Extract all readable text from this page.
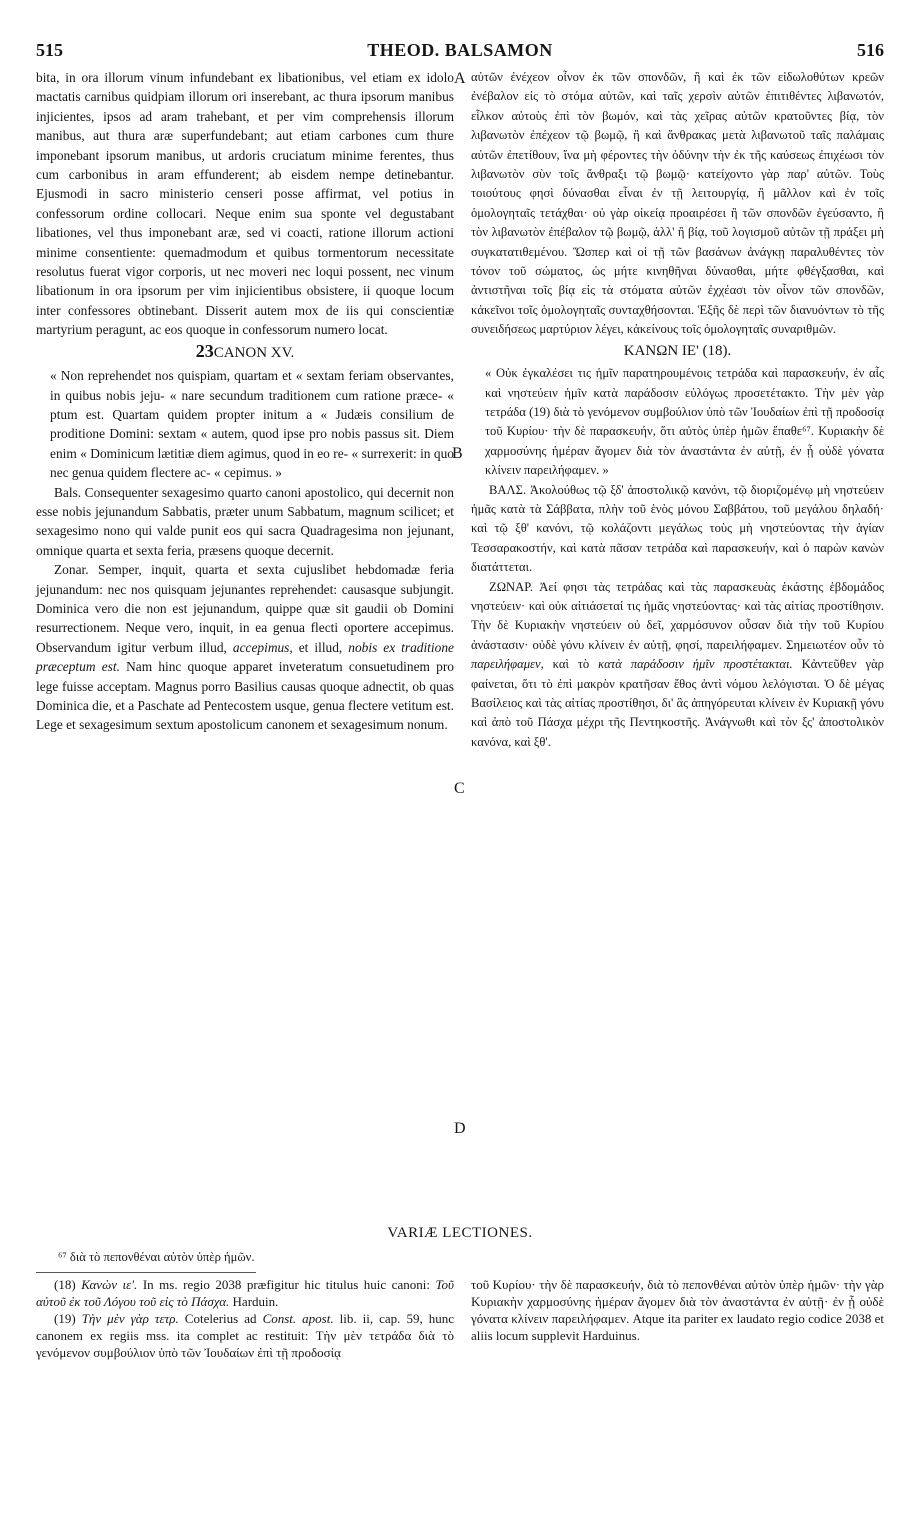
THEOD. BALSAMON
515	516
A
B
C
D

bita, in ora illorum vinum infundebant ex libationibus, vel etiam ex idolo mactatis carnibus quidpiam illorum ori inserebant, ac thura ipsorum manibus injicientes, ipsos ad aram trahebant, et per vim comprehensis illorum manibus, aut thura aræ superfundebant; aut etiam carbones cum thure imponebant ipsorum manibus, ut ardoris cruciatum minime ferentes, thus cum carbonibus in aram effunderent; ab eisdem nempe detinebantur. Ejusmodi in sacro ministerio censeri posse affirmat, vel potius in confessorum ordine collocari. Neque enim sua sponte vel degustabant libationes, vel thus imponebant aræ, sed vi coacti, ratione illorum actioni minime consentiente: quemadmodum et quibus tormentorum necessitate resolutus fuerat vigor corporis, ut nec moveri nec loqui possent, nec vinum libationum in ora ipsorum per vim injicientibus obsistere, ii quoque locum inter confessores obtinebant. Disserit autem mox de iis qui conscientiæ martyrium peragunt, ac eos quoque in confessorum numero locat.

23CANON XV.

« Non reprehendet nos quispiam, quartam et « sextam feriam observantes, in quibus nobis jeju- « nare secundum traditionem cum ratione præce- « ptum est. Quartam quidem propter initum a « Judæis consilium de proditione Domini: sextam « autem, quod ipse pro nobis passus sit. Diem enim « Dominicum lætitiæ diem agimus, quod in eo re- « surrexerit: in quo nec genua quidem flectere ac- « cepimus. »

Bals. Consequenter sexagesimo quarto canoni apostolico, qui decernit non esse nobis jejunandum Sabbatis, præter unum Sabbatum, magnum scilicet; et sexagesimo nono qui valde punit eos qui sacra Quadragesima non jejunant, omnique quarta et sexta feria, præsens quoque decernit.

Zonar. Semper, inquit, quarta et sexta cujuslibet hebdomadæ feria jejunandum: nec nos quisquam jejunantes reprehendet: causasque subjungit. Dominica vero die non est jejunandum, quippe quæ sit gaudii ob Domini resurrectionem. Neque vero, inquit, in ea genua flecti oportere accepimus. Observandum igitur verbum illud, accepimus, et illud, nobis ex traditione præceptum est. Nam hinc quoque apparet inveteratum consuetudinem pro lege fuisse acceptam. Magnus porro Basilius causas quoque adnectit, ob quas Dominica die, et a Paschate ad Pentecostem usque, genua flectere vetitum est. Lege et sexagesimum sextum apostolicum canonem et sexagesimum nonum.

αὐτῶν ἐνέχεον οἶνον ἐκ τῶν σπονδῶν, ἢ καὶ ἐκ τῶν εἰδωλοθύτων κρεῶν ἐνέβαλον εἰς τὸ στόμα αὐτῶν, καὶ ταῖς χερσὶν αὐτῶν ἐπιτιθέντες λιβανωτόν, εἷλκον αὐτοὺς ἐπὶ τὸν βωμόν, καὶ τὰς χεῖρας αὐτῶν κρατοῦντες βίᾳ, τὸν λιβανωτὸν ἐπέχεον τῷ βωμῷ, ἢ καὶ ἄνθρακας μετὰ λιβανωτοῦ ταῖς παλάμαις αὐτῶν ἐπετίθουν, ἵνα μὴ φέροντες τὴν ὀδύνην τὴν ἐκ τῆς καύσεως ἐπιχέωσι τὸν λιβανωτὸν σὺν τοῖς ἄνθραξι τῷ βωμῷ· κατείχοντο γὰρ παρ' αὐτῶν. Τοὺς τοιούτους φησὶ δύνασθαι εἶναι ἐν τῇ λειτουργίᾳ, ἢ μᾶλλον καὶ ἐν τοῖς ὁμολογηταῖς τετάχθαι· οὐ γὰρ οἰκείᾳ προαιρέσει ἢ τῶν σπονδῶν ἐγεύσαντο, ἢ τὸν λιβανωτὸν ἐπέβαλον τῷ βωμῷ, ἀλλ' ἢ βίᾳ, τοῦ λογισμοῦ αὐτῶν τῇ πράξει μὴ συγκατατιθεμένου. Ὥσπερ καὶ οἱ τῇ τῶν βασάνων ἀνάγκῃ παραλυθέντες τὸν τόνον τοῦ σώματος, ὡς μήτε κινηθῆναι δύνασθαι, μήτε φθέγξασθαι, καὶ ἀντιστῆναι τοῖς βίᾳ εἰς τὰ στόματα αὐτῶν ἐχχέασι τὸν οἶνον τῶν σπονδῶν, κἀκεῖνοι τοῖς ὁμολογηταῖς συνταχθήσονται. Ἑξῆς δὲ περὶ τῶν διανυόντων τὸ τῆς συνειδήσεως μαρτύριον λέγει, κἀκείνους τοῖς ὁμολογηταῖς συναριθμῶν.

ΚΑΝΩΝ ΙΕ' (18).

« Οὐκ ἐγκαλέσει τις ἡμῖν παρατηρουμένοις τετράδα καὶ παρασκευήν, ἐν αἷς καὶ νηστεύειν ἡμῖν κατὰ παράδοσιν εὐλόγως προσετέτακτο. Τὴν μὲν γὰρ τετράδα (19) διὰ τὸ γενόμενον συμβούλιον ὑπὸ τῶν Ἰουδαίων ἐπὶ τῇ προδοσίᾳ τοῦ Κυρίου· τὴν δὲ παρασκευήν, ὅτι αὐτὸς ὑπὲρ ἡμῶν ἔπαθε⁶⁷. Κυριακὴν δὲ χαρμοσύνης ἡμέραν ἄγομεν διὰ τὸν ἀναστάντα ἐν αὐτῇ, ἐν ᾗ οὐδὲ γόνατα κλίνειν παρειλήφαμεν. »

ΒΑΛΣ. Ἀκολούθως τῷ ξδ' ἀποστολικῷ κανόνι, τῷ διοριζομένῳ μὴ νηστεύειν ἡμᾶς κατὰ τὰ Σάββατα, πλὴν τοῦ ἑνὸς μόνου Σαββάτου, τοῦ μεγάλου δηλαδή· καὶ τῷ ξθ' κανόνι, τῷ κολάζοντι μεγάλως τοὺς μὴ νηστεύοντας τὴν ἁγίαν Τεσσαρακοστήν, καὶ κατὰ πᾶσαν τετράδα καὶ παρασκευήν, καὶ ὁ παρὼν κανὼν διατάττεται.

ΖΩΝΑΡ. Ἀεί φησι τὰς τετράδας καὶ τὰς παρασκευὰς ἑκάστης ἑβδομάδος νηστεύειν· καὶ οὐκ αἰτιάσεταί τις ἡμᾶς νηστεύοντας· καὶ τὰς αἰτίας προστίθησιν. Τὴν δὲ Κυριακὴν νηστεύειν οὐ δεῖ, χαρμόσυνον οὖσαν διὰ τὴν τοῦ Κυρίου ἀνάστασιν· οὐδὲ γόνυ κλίνειν ἐν αὐτῇ, φησί, παρειλήφαμεν. Σημειωτέον οὖν τὸ παρειλήφαμεν, καὶ τὸ κατὰ παράδοσιν ἡμῖν προστέτακται. Κἀντεῦθεν γὰρ φαίνεται, ὅτι τὸ ἐπὶ μακρὸν κρατῆσαν ἔθος ἀντὶ νόμου λελόγισται. Ὁ δὲ μέγας Βασίλειος καὶ τὰς αἰτίας προστίθησι, δι' ἃς ἀπηγόρευται κλίνειν ἐν Κυριακῇ γόνυ καὶ ἀπὸ τοῦ Πάσχα μέχρι τῆς Πεντηκοστῆς. Ἀνάγνωθι καὶ τὸν ξς' ἀποστολικὸν κανόνα, καὶ ξθ'.

VARIÆ LECTIONES.
⁶⁷ διὰ τὸ πεπονθέναι αὐτὸν ὑπὲρ ἡμῶν.

(18) Κανὼν ιε'. In ms. regio 2038 præfigitur hic titulus huic canoni: Τοῦ αὐτοῦ ἐκ τοῦ Λόγου τοῦ εἰς τὸ Πάσχα. Harduin.

(19) Τὴν μὲν γὰρ τετρ. Cotelerius ad Const. apost. lib. ii, cap. 59, hunc canonem ex regiis mss. ita complet ac restituit: Τὴν μὲν τετράδα διὰ τὸ γενόμενον συμβούλιον ὑπὸ τῶν Ἰουδαίων ἐπὶ τῇ προδοσίᾳ

τοῦ Κυρίου· τὴν δὲ παρασκευήν, διὰ τὸ πεπονθέναι αὐτὸν ὑπὲρ ἡμῶν· τὴν γὰρ Κυριακὴν χαρμοσύνης ἡμέραν ἄγομεν διὰ τὸν ἀναστάντα ἐν αὐτῇ· ἐν ᾗ οὐδὲ γόνατα κλίνειν παρειλήφαμεν. Atque ita pariter ex laudato regio codice 2038 et aliis locum supplevit Harduinus.
